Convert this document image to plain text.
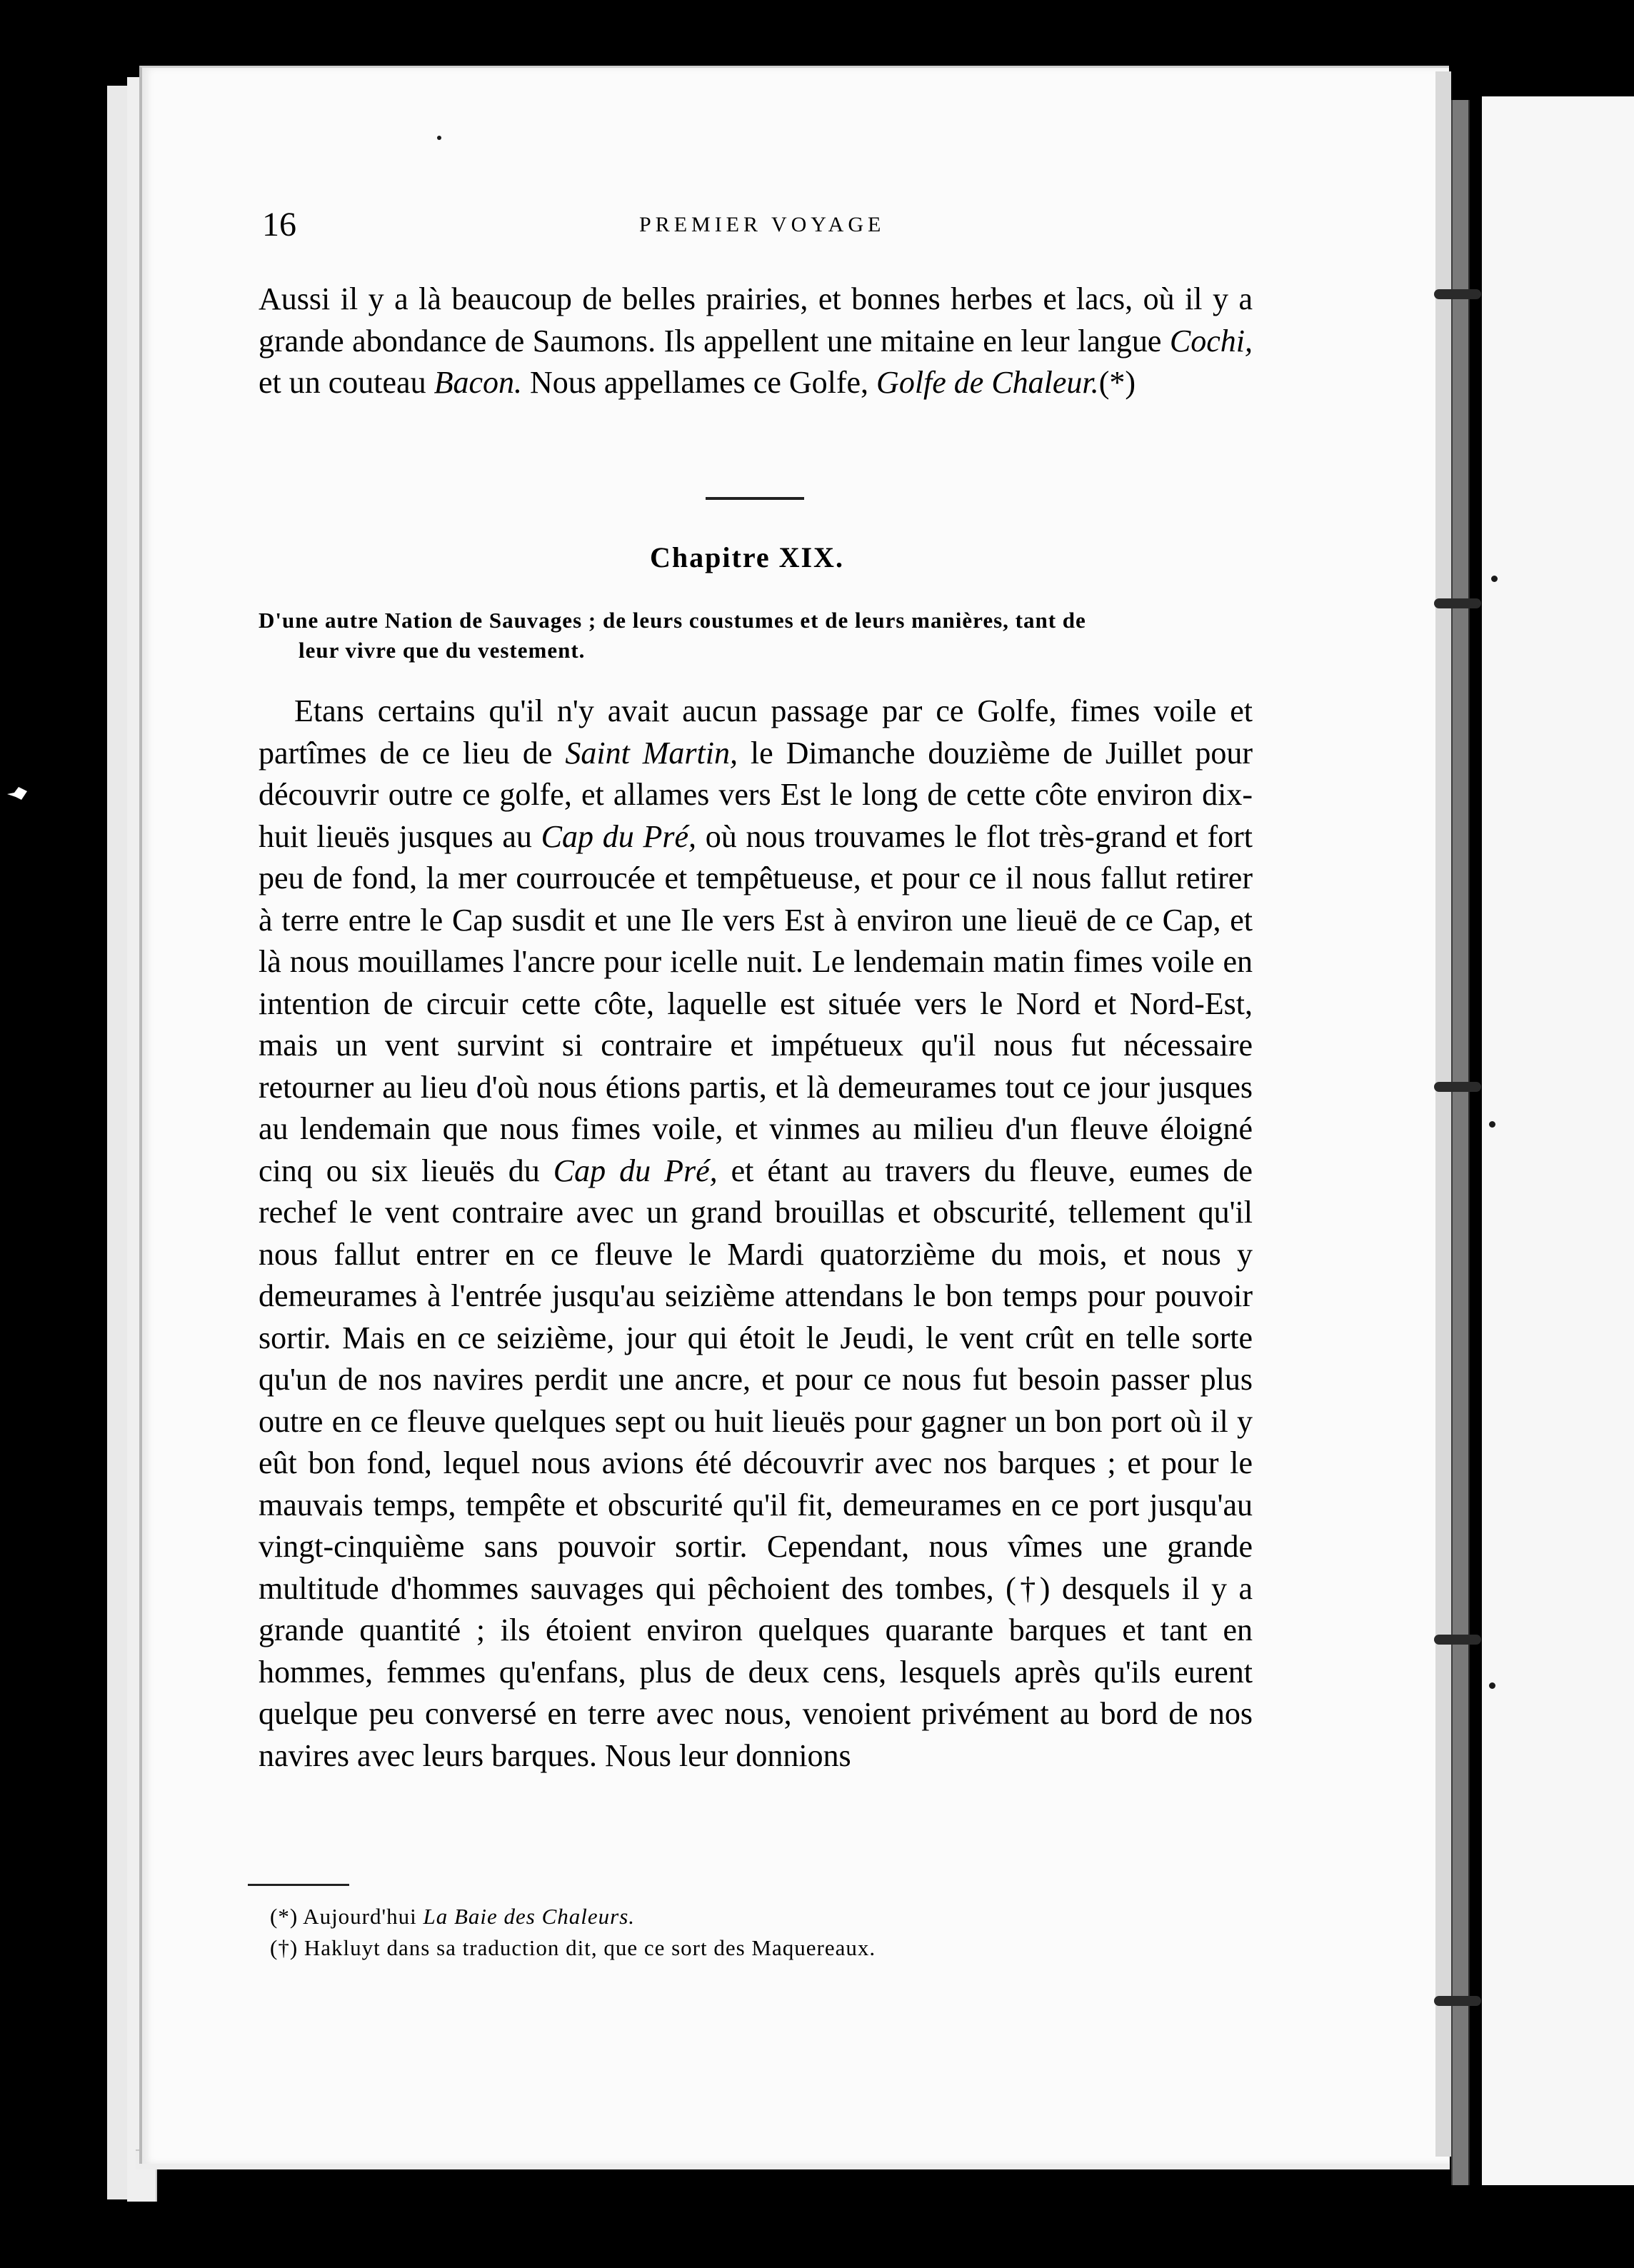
16	PREMIER VOYAGE

Aussi il y a là beaucoup de belles prairies, et bonnes herbes et lacs, où il y a grande abondance de Saumons. Ils appellent une mitaine en leur langue Cochi, et un couteau Bacon. Nous appellames ce Golfe, Golfe de Chaleur.(*)

Chapitre XIX.

D'une autre Nation de Sauvages ; de leurs coustumes et de leurs manières, tant de
leur vivre que du vestement.

Etans certains qu'il n'y avait aucun passage par ce Golfe, fimes voile et partîmes de ce lieu de Saint Martin, le Dimanche douzième de Juillet pour découvrir outre ce golfe, et allames vers Est le long de cette côte environ dix-huit lieuës jusques au Cap du Pré, où nous trouvames le flot très-grand et fort peu de fond, la mer courroucée et tempêtueuse, et pour ce il nous fallut retirer à terre entre le Cap susdit et une Ile vers Est à environ une lieuë de ce Cap, et là nous mouillames l'ancre pour icelle nuit. Le lendemain matin fimes voile en intention de circuir cette côte, laquelle est située vers le Nord et Nord-Est, mais un vent survint si contraire et impétueux qu'il nous fut nécessaire retourner au lieu d'où nous étions partis, et là demeurames tout ce jour jusques au lendemain que nous fimes voile, et vinmes au milieu d'un fleuve éloigné cinq ou six lieuës du Cap du Pré, et étant au travers du fleuve, eumes de rechef le vent contraire avec un grand brouillas et obscurité, tellement qu'il nous fallut entrer en ce fleuve le Mardi quatorzième du mois, et nous y demeurames à l'entrée jusqu'au seizième attendans le bon temps pour pouvoir sortir. Mais en ce seizième, jour qui étoit le Jeudi, le vent crût en telle sorte qu'un de nos navires perdit une ancre, et pour ce nous fut besoin passer plus outre en ce fleuve quelques sept ou huit lieuës pour gagner un bon port où il y eût bon fond, lequel nous avions été découvrir avec nos barques ; et pour le mauvais temps, tempête et obscurité qu'il fit, demeurames en ce port jusqu'au vingt-cinquième sans pouvoir sortir. Cependant, nous vîmes une grande multitude d'hommes sauvages qui pêchoient des tombes, (†) desquels il y a grande quantité ; ils étoient environ quelques quarante barques et tant en hommes, femmes qu'enfans, plus de deux cens, lesquels après qu'ils eurent quelque peu conversé en terre avec nous, venoient privément au bord de nos navires avec leurs barques. Nous leur donnions

(*) Aujourd'hui La Baie des Chaleurs.
(†) Hakluyt dans sa traduction dit, que ce sort des Maquereaux.
